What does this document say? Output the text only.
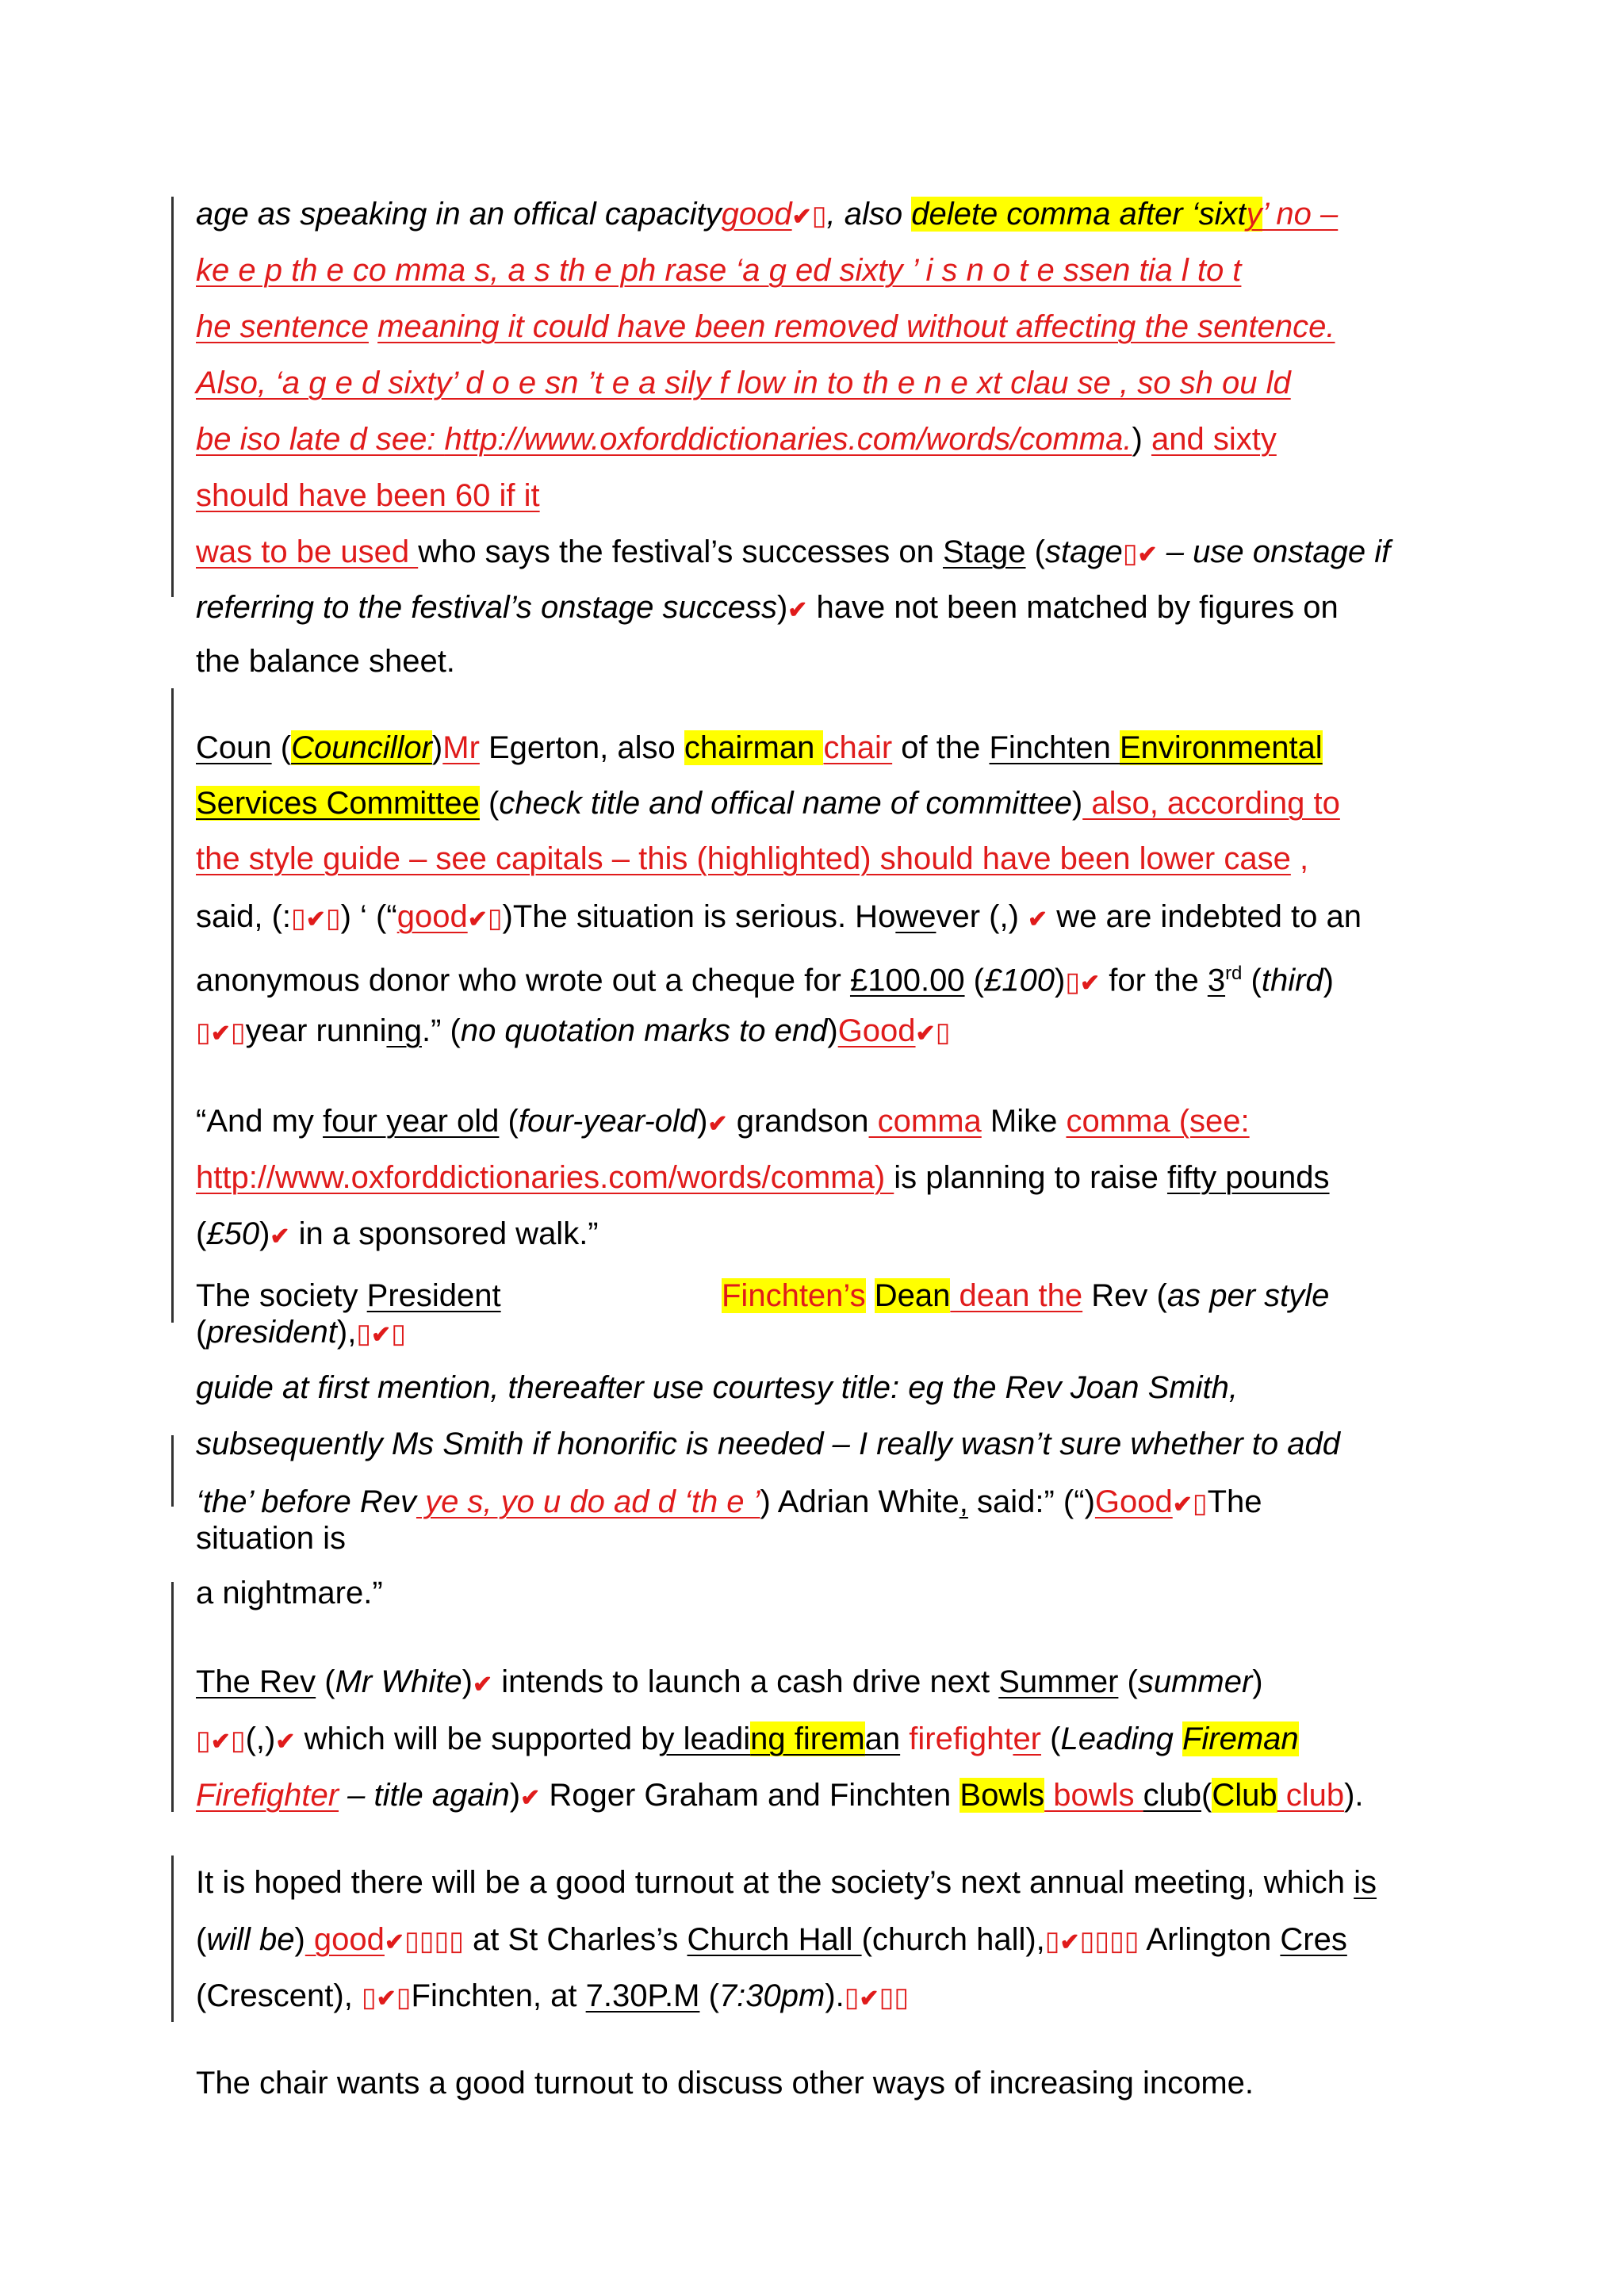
age as speaking in an offical capacitygood✔▯, also delete comma after ‘sixty’ no –
ke e p th e co mma s, a s th e ph rase ‘a g ed sixty ’ i s n o t e ssen tia l to t
he sentence meaning it could have been removed without affecting the sentence.
Also, ‘a g e d sixty’ d o e sn ’t e a sily f low in to th e n e xt clau se , so sh ou ld
be iso late d see: http://www.oxforddictionaries.com/words/comma.) and sixty
should have been 60 if it
was to be used who says the festival’s successes on Stage (stage▯✔ – use onstage if
referring to the festival’s onstage success)✔ have not been matched by figures on
the balance sheet.
Coun (Councillor)Mr Egerton, also chairman chair of the Finchten Environmental
Services Committee (check title and offical name of committee) also, according to
the style guide – see capitals – this (highlighted) should have been lower case ,
said, (:▯✔▯) ‘ (“good✔▯)The situation is serious. However (,) ✔ we are indebted to an
anonymous donor who wrote out a cheque for £100.00 (£100)▯✔ for the 3rd (third)
▯✔▯year running.” (no quotation marks to end)Good✔▯
“And my four year old (four-year-old)✔ grandson comma Mike comma (see:
http://www.oxforddictionaries.com/words/comma) is planning to raise fifty pounds
(£50)✔ in a sponsored walk.”
The society President	Finchten’s Dean dean the Rev (as per style
(president),▯✔▯
guide at first mention, thereafter use courtesy title: eg the Rev Joan Smith,
subsequently Ms Smith if honorific is needed – I really wasn’t sure whether to add
‘the’ before Rev ye s, yo u do ad d ‘th e ’) Adrian White, said:” (“)Good✔▯The
situation is
a nightmare.”
The Rev (Mr White)✔ intends to launch a cash drive next Summer (summer)
▯✔▯(,)✔ which will be supported by leading fireman firefighter (Leading Fireman
Firefighter – title again)✔ Roger Graham and Finchten Bowls bowls club(Club club).
It is hoped there will be a good turnout at the society’s next annual meeting, which is
(will be) good✔▯▯▯▯ at St Charles’s Church Hall (church hall),▯✔▯▯▯▯ Arlington Cres
(Crescent), ▯✔▯Finchten, at 7.30P.M (7:30pm).▯✔▯▯
The chair wants a good turnout to discuss other ways of increasing income.
